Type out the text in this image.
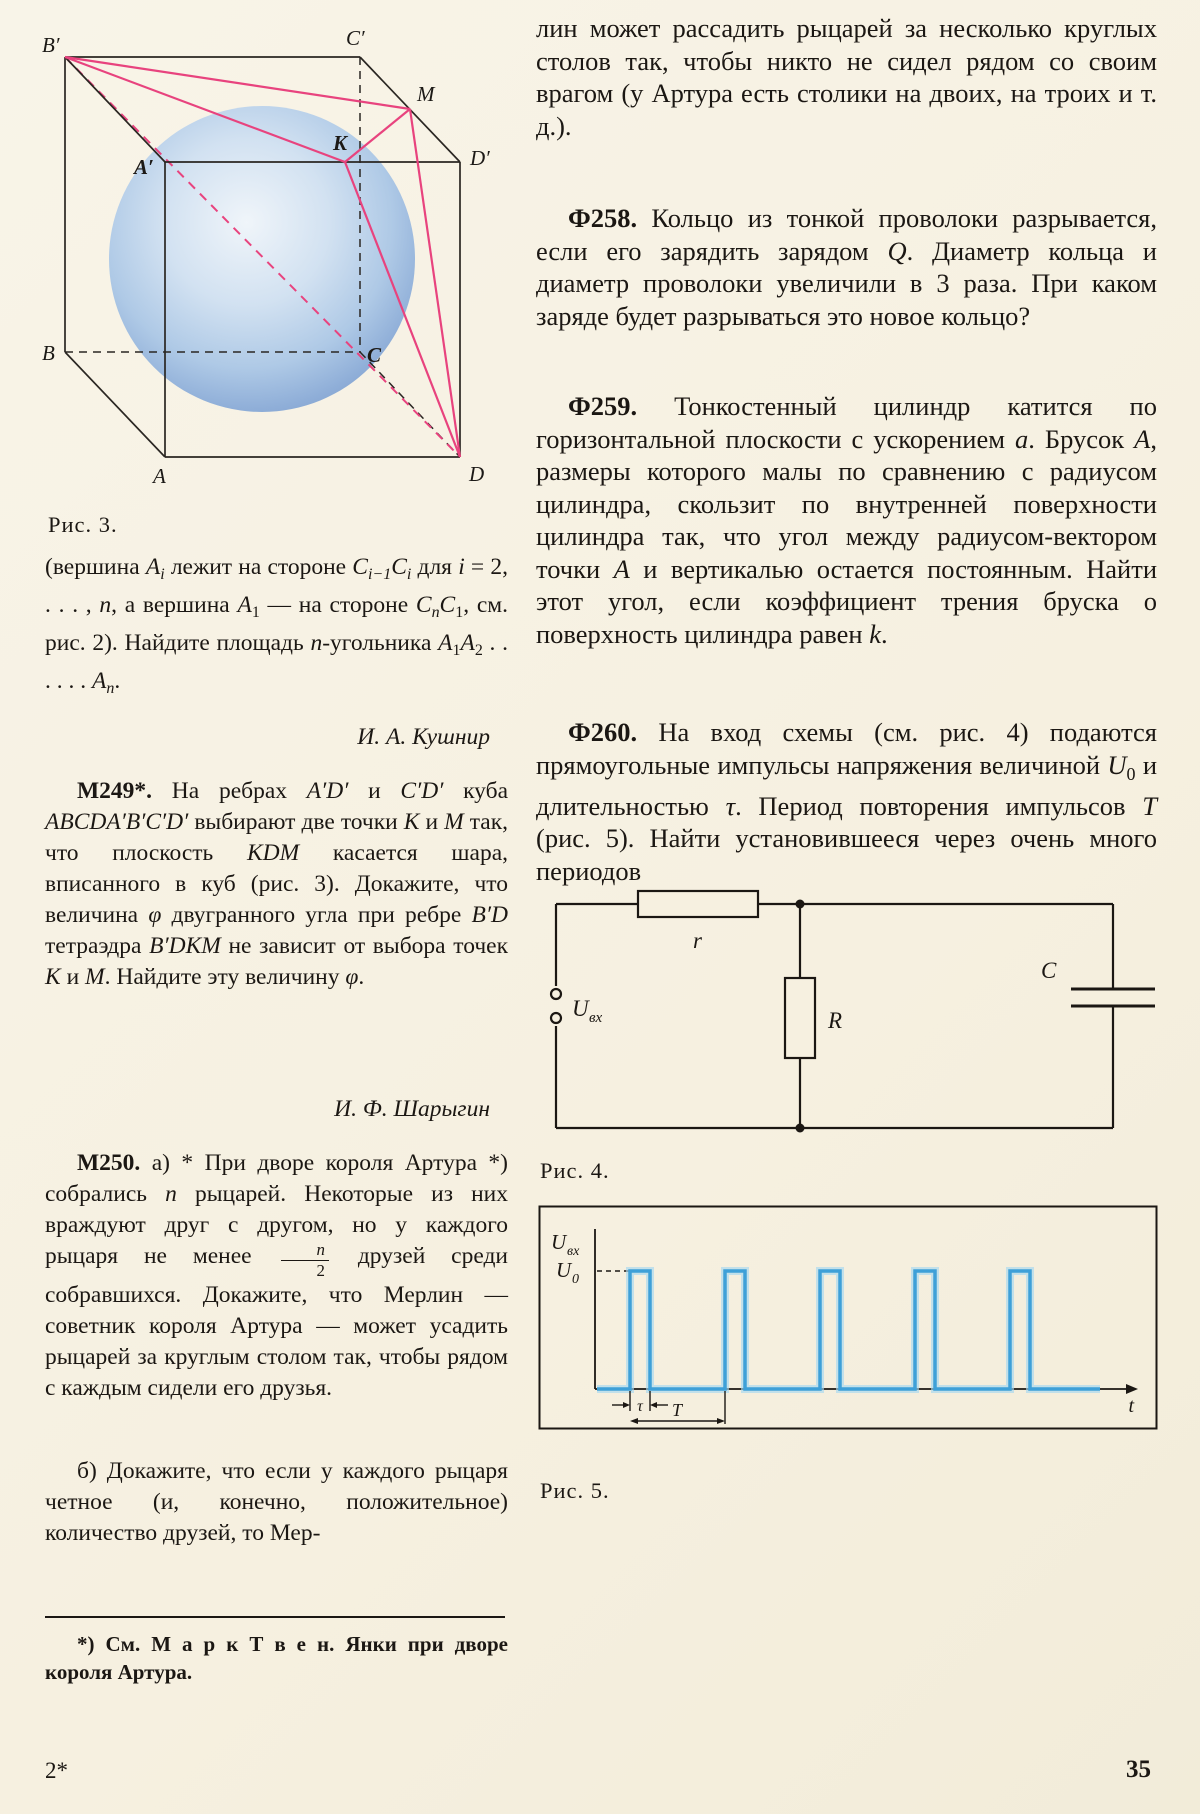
B′	C′
M
K
A′	D′
B	C
A	D
Рис. 3.
(вершина $A_i$ лежит на стороне $C_{i-1}C_i$ для i = 2, . . . , n, а вершина $A_1$ — на стороне $C_nC_1$, см. рис. 2). Найдите площадь n-угольника $A_1A_2$ . . . . . . $A_n$.
И. А. Кушнир
М249*. На ребрах A′D′ и C′D′ куба ABCDA′B′C′D′ выбирают две точки K и M так, что плоскость KDM касается шара, вписанного в куб (рис. 3). Докажите, что величина φ двугранного угла при ребре B′D тетраэдра B′DKM не зависит от выбора точек K и M. Найдите эту величину φ.
И. Ф. Шарыгин
М250. а) * При дворе короля Артура *) собрались n рыцарей. Некоторые из них враждуют друг с другом, но у каждого рыцаря не менее $\frac{n}{2}$ друзей среди собравшихся. Докажите, что Мерлин — советник короля Артура — может усадить рыцарей за круглым столом так, чтобы рядом с каждым сидели его друзья.
б) Докажите, что если у каждого рыцаря четное (и, конечно, положительное) количество друзей, то Мер-
*) См. М а р к Т в е н. Янки при дворе короля Артура.
2*
лин может рассадить рыцарей за несколько круглых столов так, чтобы никто не сидел рядом со своим врагом (у Артура есть столики на двоих, на троих и т. д.).
Ф258. Кольцо из тонкой проволоки разрывается, если его зарядить зарядом Q. Диаметр кольца и диаметр проволоки увеличили в 3 раза. При каком заряде будет разрываться это новое кольцо?
Ф259. Тонкостенный цилиндр катится по горизонтальной плоскости с ускорением a. Брусок A, размеры которого малы по сравнению с радиусом цилиндра, скользит по внутренней поверхности цилиндра так, что угол между радиусом-вектором точки A и вертикалью остается постоянным. Найти этот угол, если коэффициент трения бруска о поверхность цилиндра равен k.
Ф260. На вход схемы (см. рис. 4) подаются прямоугольные импульсы напряжения величиной $U_0$ и длительностью τ. Период повторения импульсов T (рис. 5). Найти установившееся через очень много периодов
r
R
C
U вх
Рис. 4.
U вх
U 0
t
τ T
Рис. 5.
35
